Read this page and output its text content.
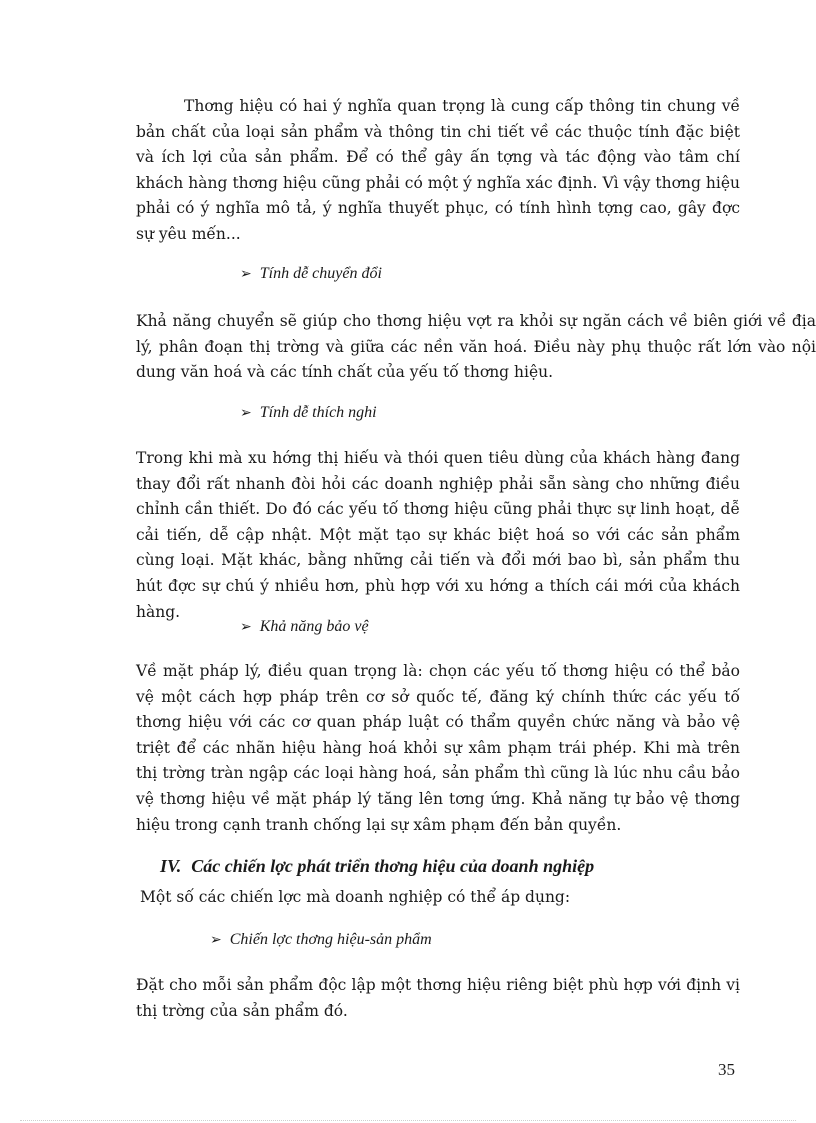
Thơng hiệu có hai ý nghĩa quan trọng là cung cấp thông tin chung về bản chất của loại sản phẩm và thông tin chi tiết về các thuộc tính đặc biệt và ích lợi của sản phẩm. Để có thể gây ấn tợng và tác động vào tâm chí khách hàng thơng hiệu cũng phải có một ý nghĩa xác định. Vì vậy thơng hiệu phải có ý nghĩa mô tả, ý nghĩa thuyết phục, có tính hình tợng cao, gây đợc sự yêu mến...

➢ Tính dễ chuyển đổi

Khả năng chuyển sẽ giúp cho thơng hiệu vợt ra khỏi sự ngăn cách về biên giới về địa lý, phân đoạn thị trờng và giữa các nền văn hoá. Điều này phụ thuộc rất lớn vào nội dung văn hoá và các tính chất của yếu tố thơng hiệu.

➢ Tính dễ thích nghi

Trong khi mà xu hớng thị hiếu và thói quen tiêu dùng của khách hàng đang thay đổi rất nhanh đòi hỏi các doanh nghiệp phải sẵn sàng cho những điều chỉnh cần thiết. Do đó các yếu tố thơng hiệu cũng phải thực sự linh hoạt, dễ cải tiến, dễ cập nhật. Một mặt tạo sự khác biệt hoá so với các sản phẩm cùng loại. Mặt khác, bằng những cải tiến và đổi mới bao bì, sản phẩm thu hút đợc sự chú ý nhiều hơn, phù hợp với xu hớng a thích cái mới của khách hàng.

➢ Khả năng bảo vệ

Về mặt pháp lý, điều quan trọng là: chọn các yếu tố thơng hiệu có thể bảo vệ một cách hợp pháp trên cơ sở quốc tế, đăng ký chính thức các yếu tố thơng hiệu với các cơ quan pháp luật có thẩm quyền chức năng và bảo vệ triệt để các nhãn hiệu hàng hoá khỏi sự xâm phạm trái phép. Khi mà trên thị trờng tràn ngập các loại hàng hoá, sản phẩm thì cũng là lúc nhu cầu bảo vệ thơng hiệu về mặt pháp lý tăng lên tơng ứng. Khả năng tự bảo vệ thơng hiệu trong cạnh tranh chống lại sự xâm phạm đến bản quyền.

IV. Các chiến lợc phát triển thơng hiệu của doanh nghiệp
Một số các chiến lợc mà doanh nghiệp có thể áp dụng:
➢ Chiến lợc thơng hiệu-sản phẩm

Đặt cho mỗi sản phẩm độc lập một thơng hiệu riêng biệt phù hợp với định vị thị trờng của sản phẩm đó.

35
